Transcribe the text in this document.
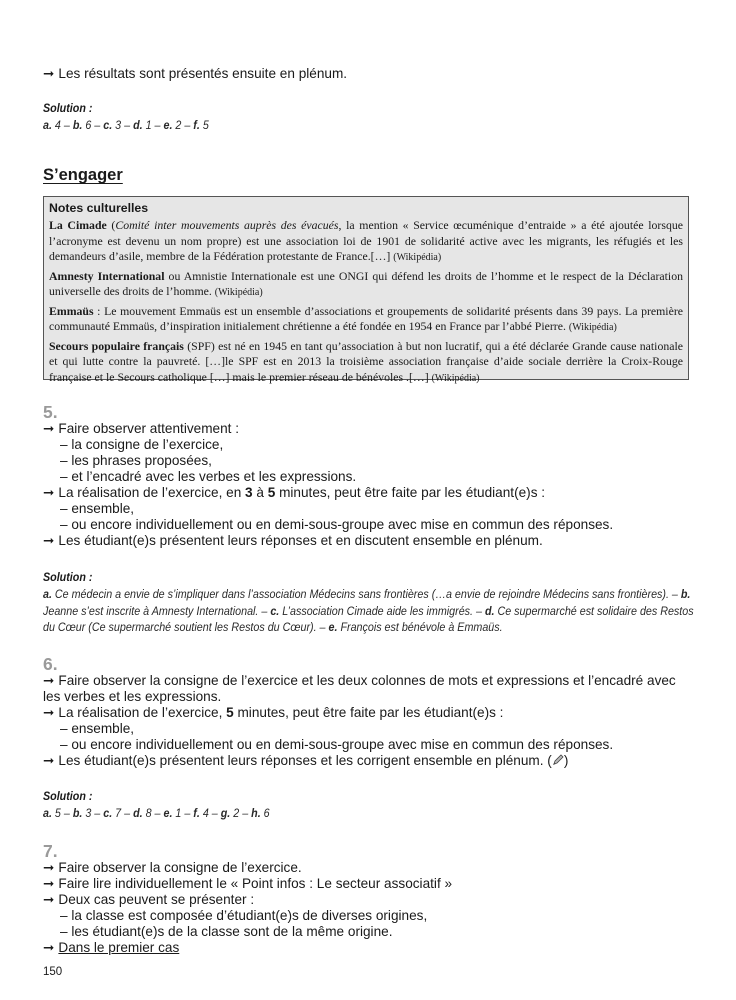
➞ Les résultats sont présentés ensuite en plénum.
Solution :
a. 4 – b. 6 – c. 3 – d. 1 – e. 2 – f. 5
S’engager
Notes culturelles
La Cimade (Comité inter mouvements auprès des évacués, la mention « Service œcuménique d’entraide » a été ajoutée lorsque l’acronyme est devenu un nom propre) est une association loi de 1901 de solidarité active avec les migrants, les réfugiés et les demandeurs d’asile, membre de la Fédération protestante de France.[…] (Wikipédia)
Amnesty International ou Amnistie Internationale est une ONGI qui défend les droits de l’homme et le respect de la Déclaration universelle des droits de l’homme. (Wikipédia)
Emmaüs : Le mouvement Emmaüs est un ensemble d’associations et groupements de solidarité présents dans 39 pays. La première communauté Emmaüs, d’inspiration initialement chrétienne a été fondée en 1954 en France par l’abbé Pierre. (Wikipédia)
Secours populaire français (SPF) est né en 1945 en tant qu’association à but non lucratif, qui a été déclarée Grande cause nationale et qui lutte contre la pauvreté. […]le SPF est en 2013 la troisième association française d’aide sociale derrière la Croix-Rouge française et le Secours catholique […] mais le premier réseau de bénévoles .[…] (Wikipédia)
5.
➞ Faire observer attentivement :
– la consigne de l’exercice,
– les phrases proposées,
– et l’encadré avec les verbes et les expressions.
➞ La réalisation de l’exercice, en 3 à 5 minutes, peut être faite par les étudiant(e)s :
– ensemble,
– ou encore individuellement ou en demi-sous-groupe avec mise en commun des réponses.
➞ Les étudiant(e)s présentent leurs réponses et en discutent ensemble en plénum.
Solution :
a. Ce médecin a envie de s’impliquer dans l’association Médecins sans frontières (…a envie de rejoindre Médecins sans frontières). – b.
Jeanne s’est inscrite à Amnesty International. – c. L’association Cimade aide les immigrés. – d. Ce supermarché est solidaire des Restos
du Cœur (Ce supermarché soutient les Restos du Cœur). – e. François est bénévole à Emmaüs.
6.
➞ Faire observer la consigne de l’exercice et les deux colonnes de mots et expressions et l’encadré avec
les verbes et les expressions.
➞ La réalisation de l’exercice, 5 minutes, peut être faite par les étudiant(e)s :
– ensemble,
– ou encore individuellement ou en demi-sous-groupe avec mise en commun des réponses.
➞ Les étudiant(e)s présentent leurs réponses et les corrigent ensemble en plénum. ( )
Solution :
a. 5 – b. 3 – c. 7 – d. 8 – e. 1 – f. 4 – g. 2 – h. 6
7.
➞ Faire observer la consigne de l’exercice.
➞ Faire lire individuellement le « Point infos : Le secteur associatif »
➞ Deux cas peuvent se présenter :
– la classe est composée d’étudiant(e)s de diverses origines,
– les étudiant(e)s de la classe sont de la même origine.
➞ Dans le premier cas
150
